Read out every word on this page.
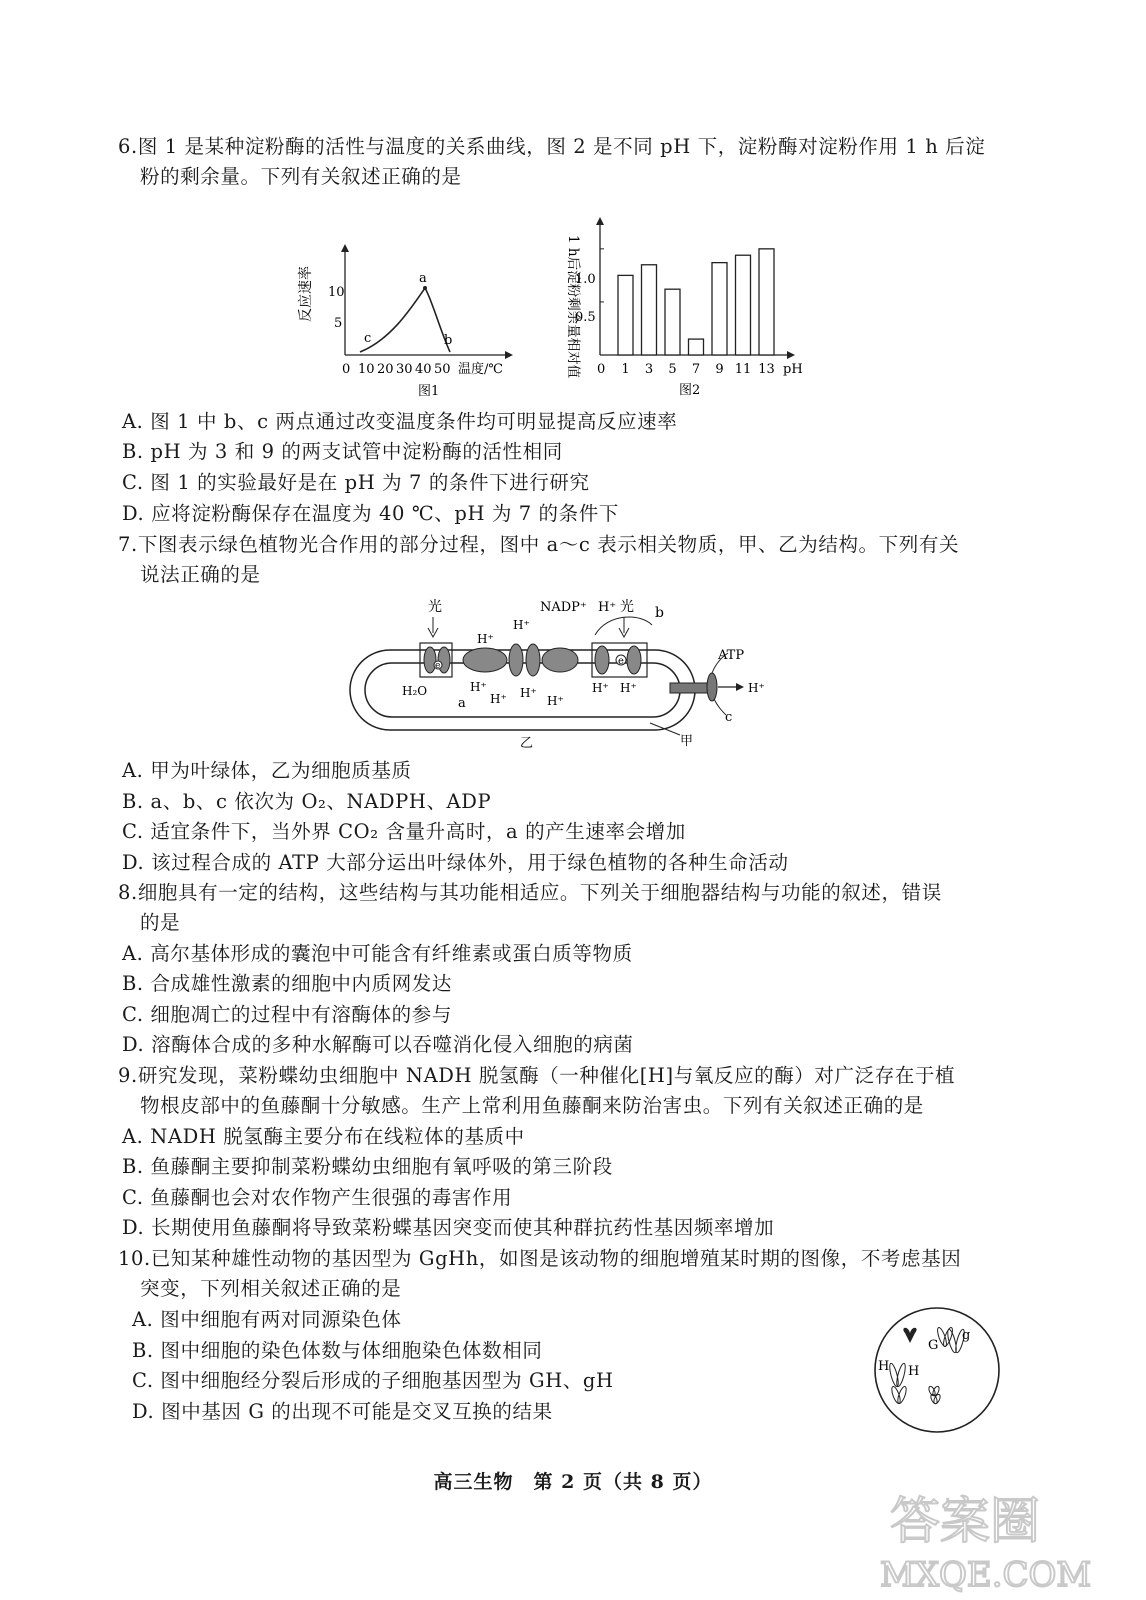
6.图 1 是某种淀粉酶的活性与温度的关系曲线，图 2 是不同 pH 下，淀粉酶对淀粉作用 1 h 后淀
粉的剩余量。下列有关叙述正确的是
a
b
c
10
5
反应速率
0 10 20 30 40 50 温度/℃
图1
1 h后淀粉剩余量相对值
1.0
0.5
1 3 5 7 9 11 13
0	pH
图2
A. 图 1 中 b、c 两点通过改变温度条件均可明显提高反应速率
B. pH 为 3 和 9 的两支试管中淀粉酶的活性相同
C. 图 1 的实验最好是在 pH 为 7 的条件下进行研究
D. 应将淀粉酶保存在温度为 40 ℃、pH 为 7 的条件下
7.下图表示绿色植物光合作用的部分过程，图中 a～c 表示相关物质，甲、乙为结构。下列有关
说法正确的是
e	e
光	光
NADP⁺ H⁺	b
H⁺
H⁺
H₂O	H⁺
H⁺ H⁺
H⁺
H⁺ H⁺
a
H⁺
ATP
c
乙	甲
A. 甲为叶绿体，乙为细胞质基质
B. a、b、c 依次为 O₂、NADPH、ADP
C. 适宜条件下，当外界 CO₂ 含量升高时，a 的产生速率会增加
D. 该过程合成的 ATP 大部分运出叶绿体外，用于绿色植物的各种生命活动
8.细胞具有一定的结构，这些结构与其功能相适应。下列关于细胞器结构与功能的叙述，错误
的是
A. 高尔基体形成的囊泡中可能含有纤维素或蛋白质等物质
B. 合成雄性激素的细胞中内质网发达
C. 细胞凋亡的过程中有溶酶体的参与
D. 溶酶体合成的多种水解酶可以吞噬消化侵入细胞的病菌
9.研究发现，菜粉蝶幼虫细胞中 NADH 脱氢酶（一种催化[H]与氧反应的酶）对广泛存在于植
物根皮部中的鱼藤酮十分敏感。生产上常利用鱼藤酮来防治害虫。下列有关叙述正确的是
A. NADH 脱氢酶主要分布在线粒体的基质中
B. 鱼藤酮主要抑制菜粉蝶幼虫细胞有氧呼吸的第三阶段
C. 鱼藤酮也会对农作物产生很强的毒害作用
D. 长期使用鱼藤酮将导致菜粉蝶基因突变而使其种群抗药性基因频率增加
10.已知某种雄性动物的基因型为 GgHh，如图是该动物的细胞增殖某时期的图像，不考虑基因
突变，下列相关叙述正确的是
A. 图中细胞有两对同源染色体
B. 图中细胞的染色体数与体细胞染色体数相同
C. 图中细胞经分裂后形成的子细胞基因型为 GH、gH
D. 图中基因 G 的出现不可能是交叉互换的结果
G
g
H H
高三生物　第 2 页（共 8 页）
答案圈
MXQE.COM
